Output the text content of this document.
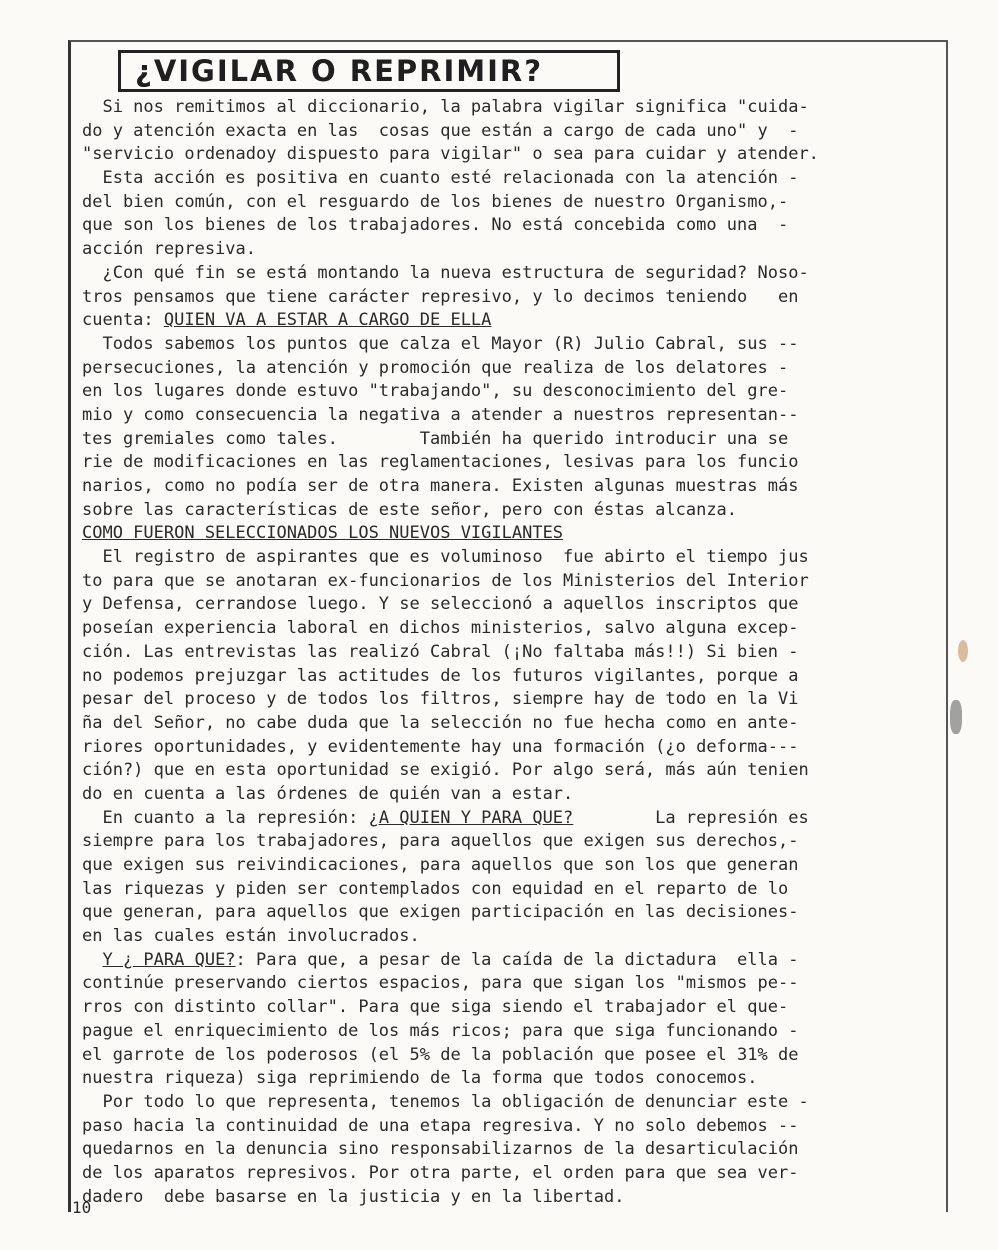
¿VIGILAR O REPRIMIR?
Si nos remitimos al diccionario, la palabra vigilar significa "cuida-
do y atención exacta en las  cosas que están a cargo de cada uno" y  -
"servicio ordenadoy dispuesto para vigilar" o sea para cuidar y atender.
Esta acción es positiva en cuanto esté relacionada con la atención -
del bien común, con el resguardo de los bienes de nuestro Organismo,-
que son los bienes de los trabajadores. No está concebida como una  -
acción represiva.
¿Con qué fin se está montando la nueva estructura de seguridad? Noso-
tros pensamos que tiene carácter represivo, y lo decimos teniendo   en
cuenta: QUIEN VA A ESTAR A CARGO DE ELLA
Todos sabemos los puntos que calza el Mayor (R) Julio Cabral, sus --
persecuciones, la atención y promoción que realiza de los delatores -
en los lugares donde estuvo "trabajando", su desconocimiento del gre-
mio y como consecuencia la negativa a atender a nuestros representan--
tes gremiales como tales.        También ha querido introducir una se
rie de modificaciones en las reglamentaciones, lesivas para los funcio
narios, como no podía ser de otra manera. Existen algunas muestras más
sobre las características de este señor, pero con éstas alcanza.
COMO FUERON SELECCIONADOS LOS NUEVOS VIGILANTES
El registro de aspirantes que es voluminoso  fue abirto el tiempo jus
to para que se anotaran ex-funcionarios de los Ministerios del Interior
y Defensa, cerrandose luego. Y se seleccionó a aquellos inscriptos que
poseían experiencia laboral en dichos ministerios, salvo alguna excep-
ción. Las entrevistas las realizó Cabral (¡No faltaba más!!) Si bien -
no podemos prejuzgar las actitudes de los futuros vigilantes, porque a
pesar del proceso y de todos los filtros, siempre hay de todo en la Vi
ña del Señor, no cabe duda que la selección no fue hecha como en ante-
riores oportunidades, y evidentemente hay una formación (¿o deforma---
ción?) que en esta oportunidad se exigió. Por algo será, más aún tenien
do en cuenta a las órdenes de quién van a estar.
En cuanto a la represión: ¿A QUIEN Y PARA QUE?        La represión es
siempre para los trabajadores, para aquellos que exigen sus derechos,-
que exigen sus reivindicaciones, para aquellos que son los que generan
las riquezas y piden ser contemplados con equidad en el reparto de lo
que generan, para aquellos que exigen participación en las decisiones-
en las cuales están involucrados.
Y ¿ PARA QUE?: Para que, a pesar de la caída de la dictadura  ella -
continúe preservando ciertos espacios, para que sigan los "mismos pe--
rros con distinto collar". Para que siga siendo el trabajador el que-
pague el enriquecimiento de los más ricos; para que siga funcionando -
el garrote de los poderosos (el 5% de la población que posee el 31% de
nuestra riqueza) siga reprimiendo de la forma que todos conocemos.
Por todo lo que representa, tenemos la obligación de denunciar este -
paso hacia la continuidad de una etapa regresiva. Y no solo debemos --
quedarnos en la denuncia sino responsabilizarnos de la desarticulación
de los aparatos represivos. Por otra parte, el orden para que sea ver-
dadero  debe basarse en la justicia y en la libertad.
10
